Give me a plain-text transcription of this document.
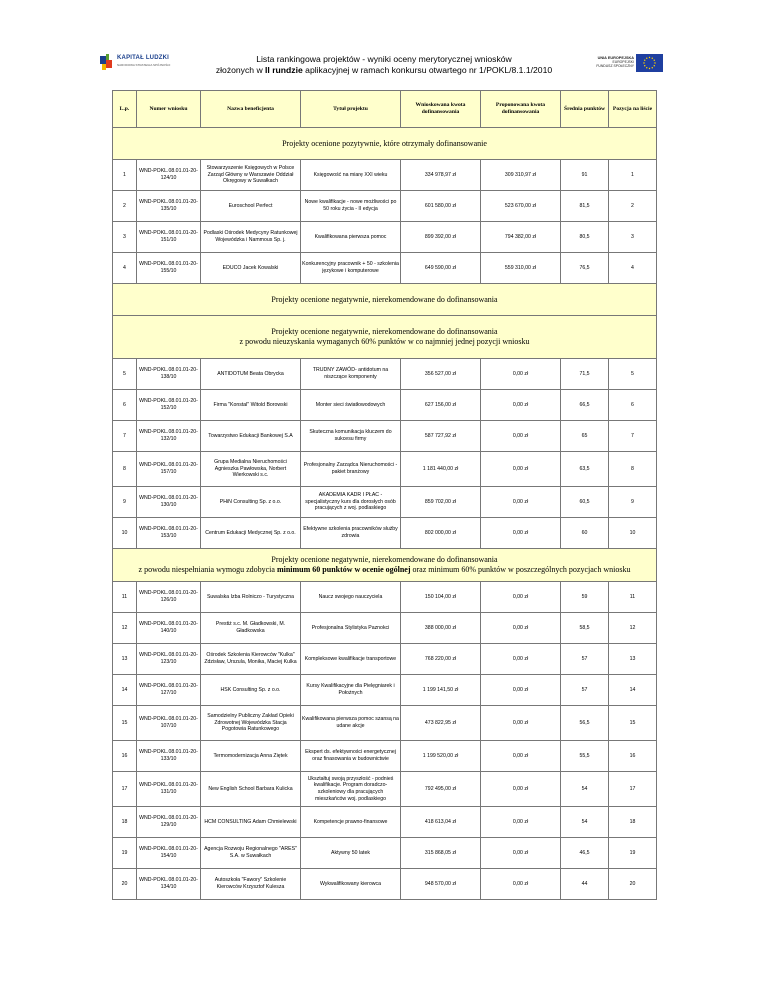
KAPITAŁ LUDZKI
NARODOWA STRATEGIA SPÓJNOŚCI
Lista rankingowa projektów - wyniki oceny merytorycznej wniosków
złożonych w II rundzie aplikacyjnej w ramach konkursu otwartego nr 1/POKL/8.1.1/2010
UNIA EUROPEJSKA
EUROPEJSKI
FUNDUSZ SPOŁECZNY
L.p.	Numer wniosku	Nazwa beneficjenta	Tytuł projektu	Wnioskowana kwota dofinansowania	Proponowana kwota dofinansowania	Średnia punktów	Pozycja na liście
Projekty ocenione pozytywnie, które otrzymały dofinansowanie							
1	WND-POKL.08.01.01-20-124/10	Stowarzyszenie Księgowych w Polsce Zarząd Główny w Warszawie Oddział Okręgowy w Suwałkach	Księgowość na miarę XXI wieku	334 978,97 zł	309 310,97 zł	91	1
2	WND-POKL.08.01.01-20-135/10	Euroschool Perfect	Nowe kwalifikacje - nowe możliwości po 50 roku życia - II edycja	601 580,00 zł	523 670,00 zł	81,5	2
3	WND-POKL.08.01.01-20-151/10	Podlaski Ośrodek Medycyny Ratunkowej Wojewódzka i Nammous Sp. j.	Kwalifikowana pierwsza pomoc	899 392,00 zł	794 382,00 zł	80,5	3
4	WND-POKL.08.01.01-20-155/10	EDUCO Jacek Kowalski	Konkurencyjny pracownik + 50 - szkolenia językowe i komputerowe	649 590,00 zł	559 310,00 zł	76,5	4
Projekty ocenione negatywnie, nierekomendowane do dofinansowania							

Projekty ocenione negatywnie, nierekomendowane do dofinansowania
z powodu nieuzyskania wymaganych 60% punktów w co najmniej jednej pozycji wniosku							

5	WND-POKL.08.01.01-20-138/10	ANTIDOTUM Beata Obrycka	TRUDNY ZAWÓD- antidotum na niszczące komponenty	356 527,00 zł	0,00 zł	71,5	5
6	WND-POKL.08.01.01-20-152/10	Firma "Konstal" Witold Borowski	Monter sieci światłowodowych	627 156,00 zł	0,00 zł	66,5	6
7	WND-POKL.08.01.01-20-132/10	Towarzystwo Edukacji Bankowej S.A	Skuteczna komunikacja kluczem do sukcesu firmy	587 727,92 zł	0,00 zł	65	7
8	WND-POKL.08.01.01-20-157/10	Grupa Medialna Nieruchomości Agnieszka Pawłowska, Norbert Wierkowski s.c.	Profesjonalny Zarządca Nieruchomości - pakiet branżowy	1 181 440,00 zł	0,00 zł	63,5	8
9	WND-POKL.08.01.01-20-130/10	PHiN Consulting Sp. z o.o.	AKADEMIA KADR I PŁAC - specjalistyczny kurs dla dorosłych osób pracujących z woj. podlaskiego	859 702,00 zł	0,00 zł	60,5	9
10	WND-POKL.08.01.01-20-153/10	Centrum Edukacji Medycznej Sp. z o.o.	Efektywne szkolenia pracowników służby zdrowia	802 000,00 zł	0,00 zł	60	10

Projekty ocenione negatywnie, nierekomendowane do dofinansowania
z powodu niespełniania wymogu zdobycia minimum 60 punktów w ocenie ogólnej oraz minimum 60% punktów w poszczególnych pozycjach wniosku							

11	WND-POKL.08.01.01-20-126/10	Suwalska Izba Rolniczo - Turystyczna	Naucz swojego nauczyciela	150 104,00 zł	0,00 zł	59	11
12	WND-POKL.08.01.01-20-140/10	Prestiż s.c. M. Gładkowski, M. Gładkowska	Profesjonalna Stylistyka Paznokci	388 000,00 zł	0,00 zł	58,5	12
13	WND-POKL.08.01.01-20-123/10	Ośrodek Szkolenia Kierowców "Kulka" Zdzisław, Urszula, Monika, Maciej Kulka	Kompleksowe kwalifikacje transportowe	768 220,00 zł	0,00 zł	57	13
14	WND-POKL.08.01.01-20-127/10	HSK Consulting Sp. z o.o.	Kursy Kwalifikacyjne dla Pielęgniarek i Położnych	1 199 141,50 zł	0,00 zł	57	14
15	WND-POKL.08.01.01-20-107/10	Samodzielny Publiczny Zakład Opieki Zdrowotnej Wojewódzka Stacja Pogotowia Ratunkowego	Kwalifikowana pierwsza pomoc szansą na udane akcje	473 822,95 zł	0,00 zł	56,5	15
16	WND-POKL.08.01.01-20-133/10	Termomodernizacja Anna Ziętek	Ekspert ds. efektywności energetycznej oraz finasowania w budownictwie	1 199 520,00 zł	0,00 zł	55,5	16
17	WND-POKL.08.01.01-20-131/10	New English School Barbara Kulicka	Ukształtuj swoją przyszłość - podnieś kwalifikacje. Program doradczo-szkoleniowy dla pracujących mieszkańców woj. podlaskiego	792 495,00 zł	0,00 zł	54	17
18	WND-POKL.08.01.01-20-129/10	HCM CONSULTING Adam Chmielewski	Kompetencje prawno-finansowe	418 613,04 zł	0,00 zł	54	18
19	WND-POKL.08.01.01-20-154/10	Agencja Rozwoju Regionalnego "ARES" S.A. w Suwałkach	Aktywny 50 latek	315 868,05 zł	0,00 zł	46,5	19
20	WND-POKL.08.01.01-20-134/10	Autoszkoła "Fawory" Szkolenie Kierowców Krzysztof Kulesza	Wykwalifikowany kierowca	948 570,00 zł	0,00 zł	44	20
